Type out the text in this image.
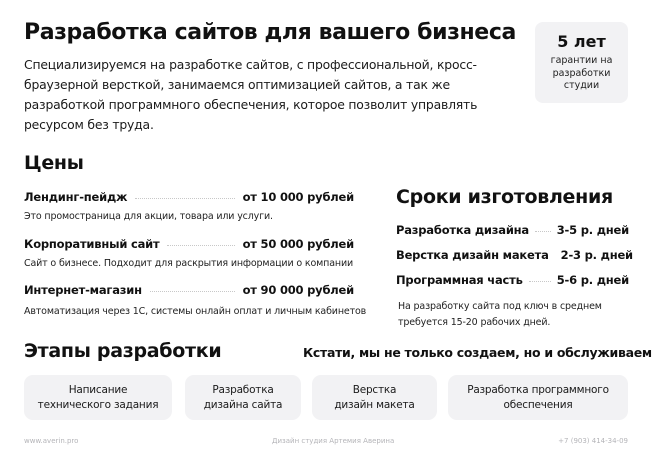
Разработка сайтов для вашего бизнеса
Специализируемся на разработке сайтов, с профессиональной, кросс-браузерной версткой, занимаемся оптимизацией сайтов, а так же разработкой программного обеспечения, которое позволит управлять ресурсом без труда.
5 лет
гарантии на
разработки
студии
Цены
Лендинг-пейдж	от 10 000 рублей
Это промостраница для акции, товара или услуги.
Корпоративный сайт	от 50 000 рублей
Сайт о бизнесе. Подходит для раскрытия информации о компании
Интернет-магазин	от 90 000 рублей
Автоматизация через 1С, системы онлайн оплат и личным кабинетов
Сроки изготовления
Разработка дизайна 3-5 р. дней
Верстка дизайн макета 2-3 р. дней
Программная часть	5-6 р. дней
На разработку сайта под ключ в среднем требуется 15-20 рабочих дней.
Этапы разработки	Кстати, мы не только создаем, но и обслуживаем
Написание
технического задания
Разработка
дизайна сайта
Верстка
дизайн макета
Разработка программного
обеспечения
www.averin.pro	Дизайн студия Артемия Аверина	+7 (903) 414-34-09
